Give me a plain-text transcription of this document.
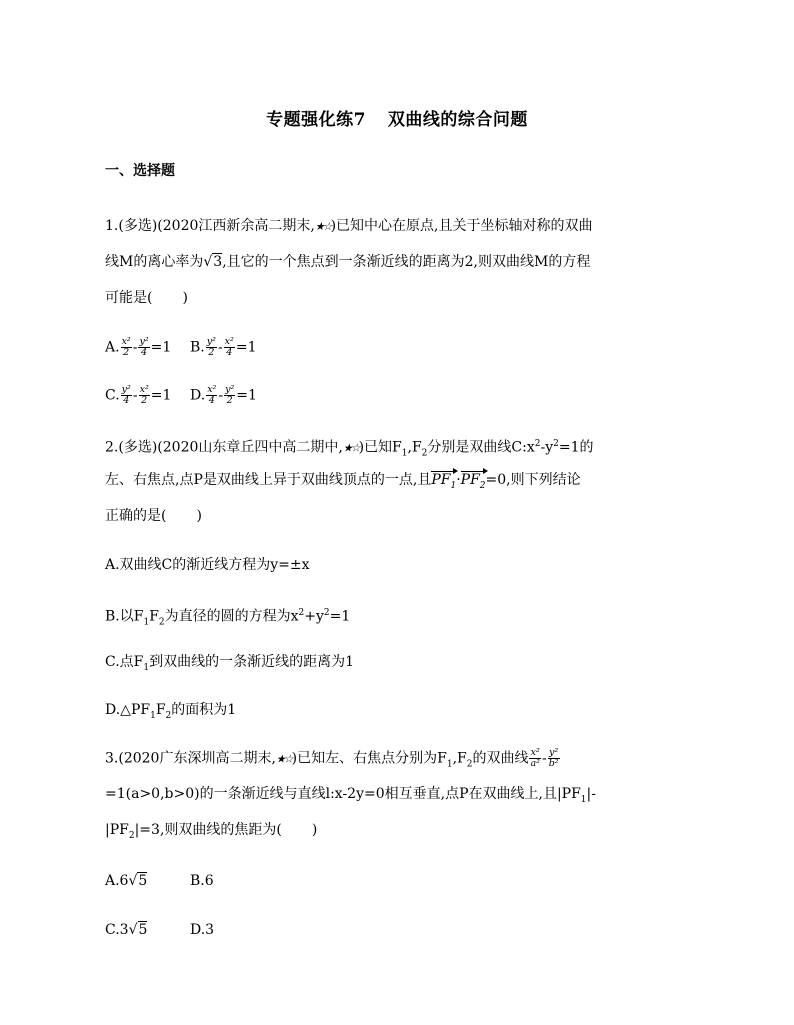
专题强化练7 双曲线的综合问题
一、选择题
1.(多选)(2020江西新余高二期末,★☆)已知中心在原点,且关于坐标轴对称的双曲
线M的离心率为√3,且它的一个焦点到一条渐近线的距离为2,则双曲线M的方程
可能是( )
A. $\frac{\text{x²}}{2} - \frac{\text{y²}}{4} =1$ B. $\frac{\text{y²}}{2} - \frac{\text{x²}}{4} =1$
C. $\frac{\text{y²}}{4} - \frac{\text{x²}}{2} =1$ D. $\frac{\text{x²}}{4} - \frac{\text{y²}}{2} =1$
2.(多选)(2020山东章丘四中高二期中,★☆)已知$F_1,F_2$分别是双曲线$C:x^2-y^2=1$的
左、右焦点,点P是双曲线上异于双曲线顶点的一点,且$PF_1\cdot PF_2=0$,则下列结论
正确的是( )
A.双曲线C的渐近线方程为y=±x
B.以$F_1F_2$为直径的圆的方程为$x^2+y^2=1$
C.点$F_1$到双曲线的一条渐近线的距离为1
$D.\triangle PF_1F_2$的面积为1
3.(2020广东深圳高二期末,★☆)已知左、右焦点分别为$F_1,F_2$的双曲线 $\frac{\text{x²}}{\text{a²}} - \frac{\text{y²}}{\text{b²}}$
=1(a>0,b>0)的一条渐近线与直线l:x-2y=0相互垂直,点P在双曲线上,且$|PF_1|-$
$|PF_2|=3$,则双曲线的焦距为( )
A.6√5	B.6
C.3√5	D.3
